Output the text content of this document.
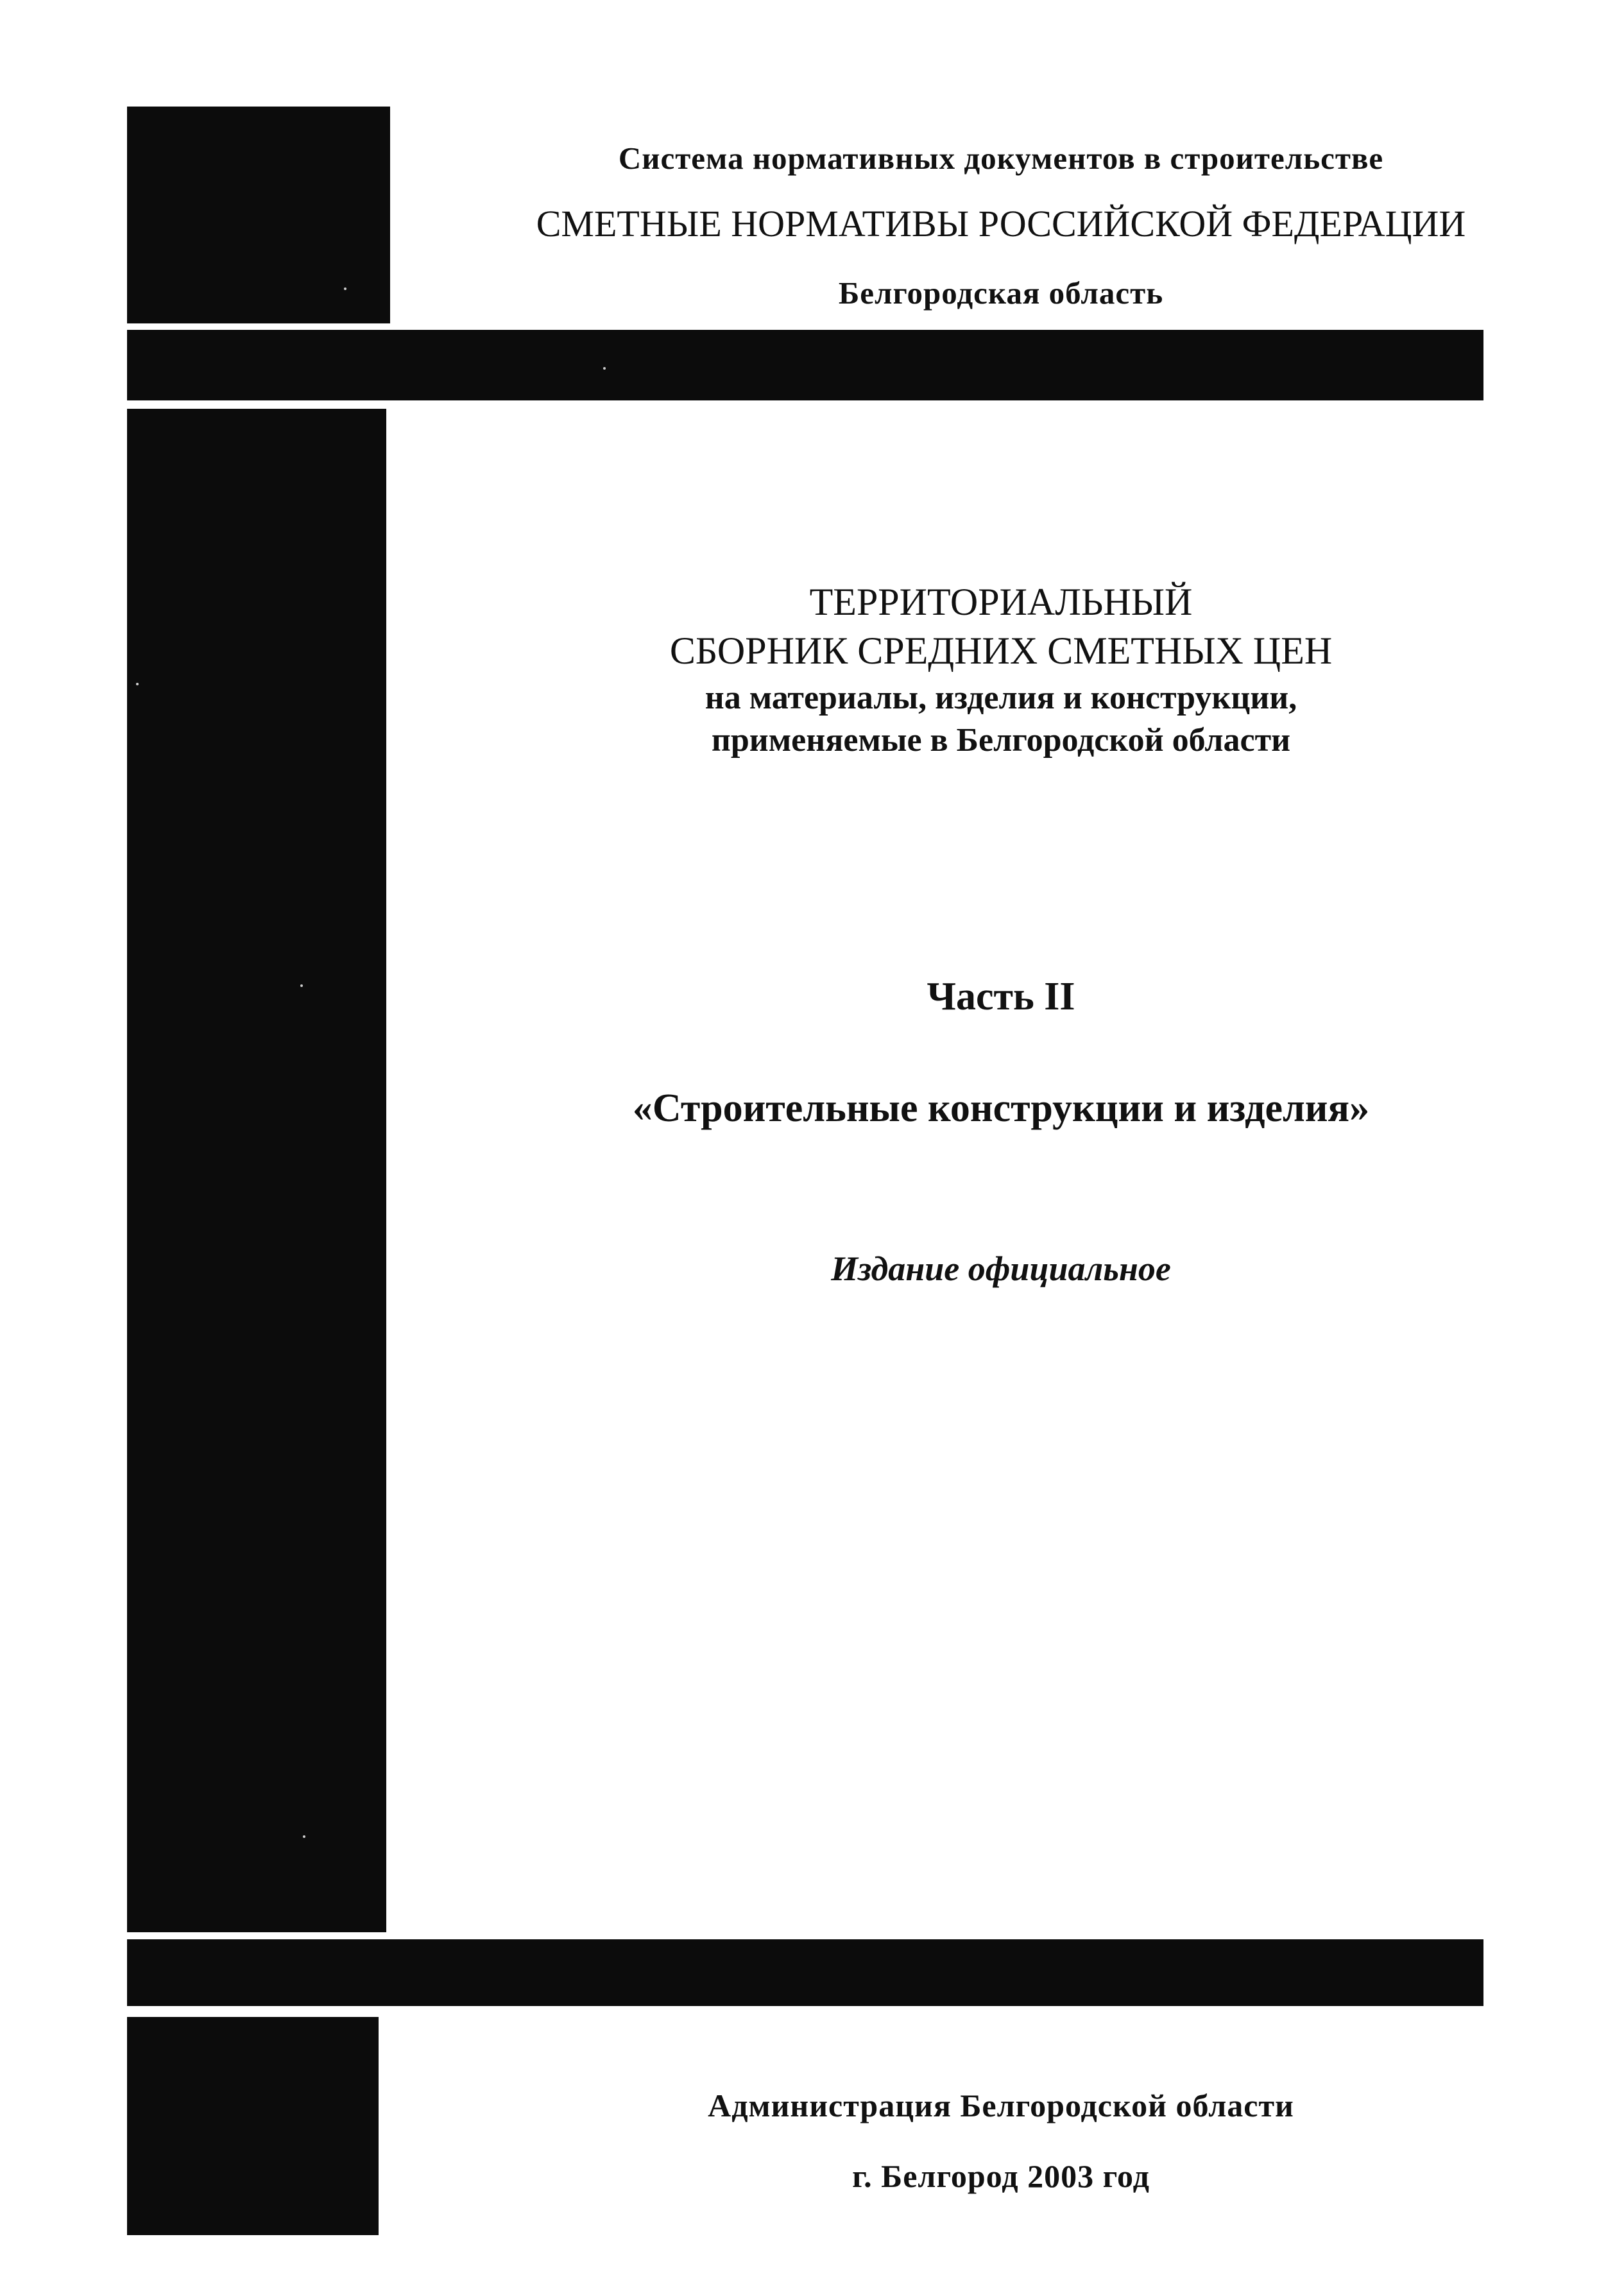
Система нормативных документов в строительстве
СМЕТНЫЕ НОРМАТИВЫ РОССИЙСКОЙ ФЕДЕРАЦИИ
Белгородская область
ТЕРРИТОРИАЛЬНЫЙ
СБОРНИК СРЕДНИХ СМЕТНЫХ ЦЕН
на материалы, изделия и конструкции,
применяемые в Белгородской области
Часть II
«Строительные конструкции и изделия»
Издание официальное
Администрация Белгородской области
г. Белгород 2003 год
